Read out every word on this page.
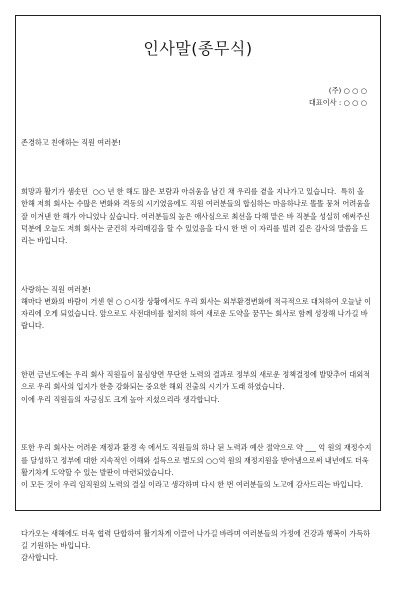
인사말(종무식)
(주) ○ ○ ○
대표이사 : ○ ○ ○

존경하고 친애하는 직원 여러분!

희망과 활기가 샘솟던  ○○ 년 한 해도 많은 보람과 아쉬움을 남긴 채 우리를 곁을 지나가고 있습니다.  특히 올 한해 저희 회사는 수많은 변화와 격동의 시기였음에도 직원 여러분들의 합심하는 마음하나로 똘똘 뭉쳐 어려움을 잘 이겨낸 한 해가 아니었나 싶습니다. 여러분들의 높은 애사심으로 최선을 다해 맡은 바 직분을 성실히 애써주신 덕분에 오늘도 저희 회사는 굳건히 자리매김을 할 수 있었음을 다시 한 번 이 자리를 빌려 깊은 감사의 말씀을 드리는 바입니다.

사랑하는 직원 여러분!
해마다 변화의 바람이 거센 현 ○ ○시장 상황에서도 우리 회사는 외부환경변화에 적극적으로 대처하여 오늘날 이 자리에 오게 되었습니다. 앞으로도 사전대비를 철저히 하여 새로운 도약을 꿈꾸는 회사로 함께 성장해 나가길 바랍니다.

한편 금년도에는 우리 회사 직원들이 물심양면 무단한 노력의 결과로 정부의 새로운 정책결정에 발맞추어 대외적으로 우리 회사의 입지가 한층 강화되는 중요한 해외 진출의 시기가 도래 하였습니다.
이에 우리 직원들의 자긍심도 크게 높아 지셨으리라 생각합니다.

또한 우리 회사는 어려운 재정과 환경 속 에서도 직원들의 하나 된 노력과 예산 절약으로 약 ___ 억 원의 재정수지를 달성하고 정부에 대한 지속적인 이해와 설득으로 별도의 ○○억 원의 재정지원을 받아냄으로써 내년에도 더욱 활기차게 도약할 수 있는 발판이 마련되었습니다.
이 모든 것이 우리 임직원의 노력의 결실 이라고 생각하며 다시 한 번 여러분들의 노고에 감사드리는 바입니다.

다가오는 새해에도 더욱 협력 단합하여 활기차게 이끌어 나가길 바라며 여러분들의 가정에 건강과 행복이 가득하길 기원하는 바입니다.
감사합니다.
